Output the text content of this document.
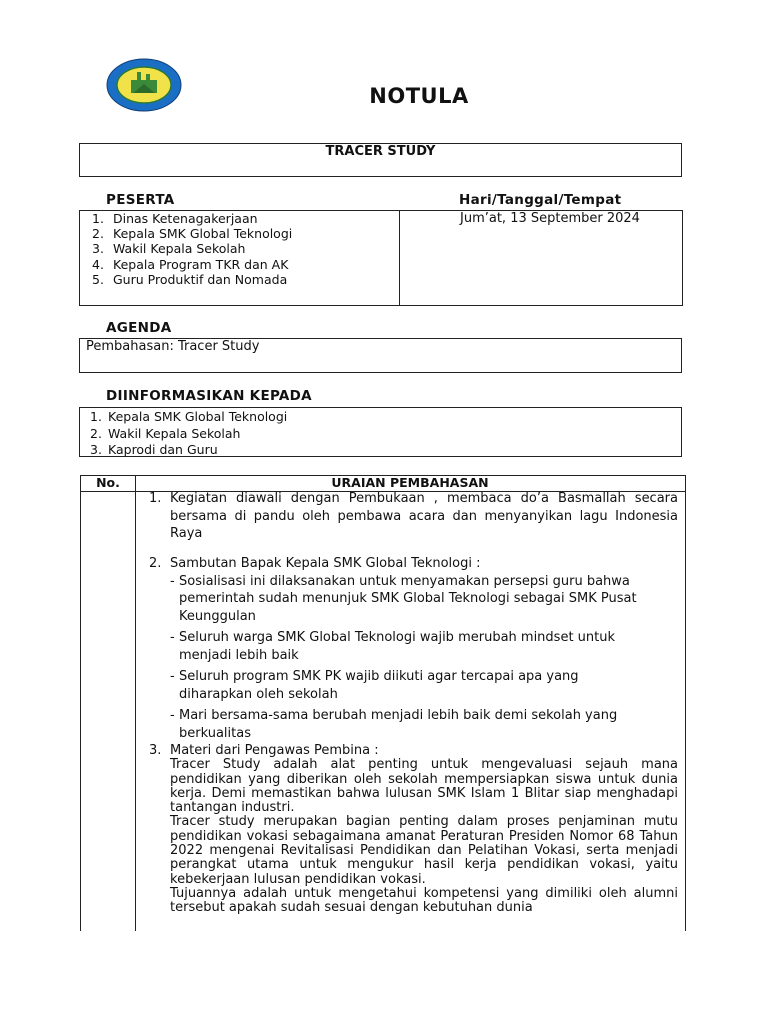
NOTULA
TRACER STUDY
PESERTA	Hari/Tanggal/Tempat
1. Dinas Ketenagakerjaan
2. Kepala SMK Global Teknologi
3. Wakil Kepala Sekolah
4. Kepala Program TKR dan AK
5. Guru Produktif dan Nomada
Jum’at, 13 September 2024
AGENDA
Pembahasan: Tracer Study
DIINFORMASIKAN KEPADA
1. Kepala SMK Global Teknologi
2. Wakil Kepala Sekolah
3. Kaprodi dan Guru
No.	URAIAN PEMBAHASAN
1. Kegiatan diawali dengan Pembukaan , membaca do’a Basmallah secara bersama di pandu oleh pembawa acara dan menyanyikan lagu Indonesia Raya
2. Sambutan Bapak Kepala SMK Global Teknologi :
- Sosialisasi ini dilaksanakan untuk menyamakan persepsi guru bahwa pemerintah sudah menunjuk SMK Global Teknologi sebagai SMK Pusat Keunggulan
- Seluruh warga SMK Global Teknologi wajib merubah mindset untuk menjadi lebih baik
- Seluruh program SMK PK wajib diikuti agar tercapai apa yang diharapkan oleh sekolah
- Mari bersama-sama berubah menjadi lebih baik demi sekolah yang berkualitas
3. Materi dari Pengawas Pembina :

Tracer Study adalah alat penting untuk mengevaluasi sejauh mana pendidikan yang diberikan oleh sekolah mempersiapkan siswa untuk dunia kerja. Demi memastikan bahwa lulusan SMK Islam 1 Blitar siap menghadapi tantangan industri.

Tracer study merupakan bagian penting dalam proses penjaminan mutu pendidikan vokasi sebagaimana amanat Peraturan Presiden Nomor 68 Tahun 2022 mengenai Revitalisasi Pendidikan dan Pelatihan Vokasi, serta menjadi perangkat utama untuk mengukur hasil kerja pendidikan vokasi, yaitu kebekerjaan lulusan pendidikan vokasi.

Tujuannya adalah untuk mengetahui kompetensi yang dimiliki oleh alumni tersebut apakah sudah sesuai dengan kebutuhan dunia
